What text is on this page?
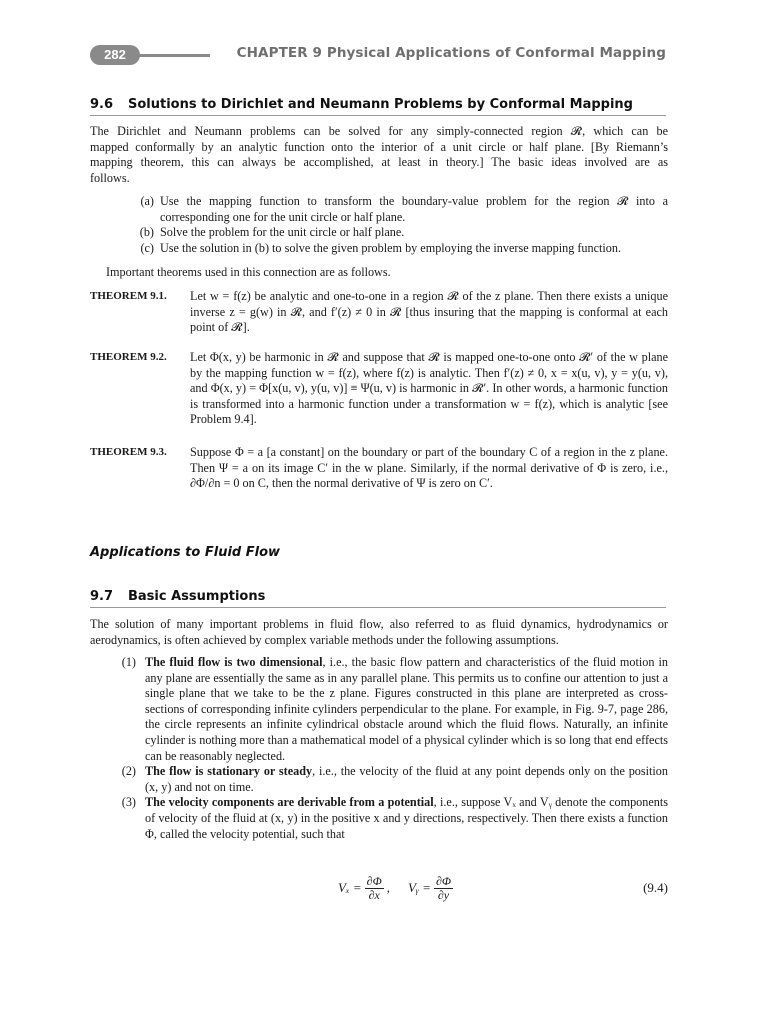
282	CHAPTER 9 Physical Applications of Conformal Mapping
9.6 Solutions to Dirichlet and Neumann Problems by Conformal Mapping
The Dirichlet and Neumann problems can be solved for any simply-connected region 𝓡, which can be
mapped conformally by an analytic function onto the interior of a unit circle or half plane. [By Riemann’s
mapping theorem, this can always be accomplished, at least in theory.] The basic ideas involved are as
follows.
(a) Use the mapping function to transform the boundary-value problem for the region 𝓡 into a corresponding one for the unit circle or half plane.
(b) Solve the problem for the unit circle or half plane.
(c) Use the solution in (b) to solve the given problem by employing the inverse mapping function.
Important theorems used in this connection are as follows.
THEOREM 9.1.	Let w = f(z) be analytic and one-to-one in a region 𝓡 of the z plane. Then there exists a unique inverse z = g(w) in 𝓡, and f′(z) ≠ 0 in 𝓡 [thus insuring that the mapping is conformal at each point of 𝓡].
THEOREM 9.2.	Let Φ(x, y) be harmonic in 𝓡 and suppose that 𝓡 is mapped one-to-one onto 𝓡′ of the w plane by the mapping function w = f(z), where f(z) is analytic. Then f′(z) ≠ 0, x = x(u, v), y = y(u, v), and Φ(x, y) = Φ[x(u, v), y(u, v)] ≡ Ψ(u, v) is harmonic in 𝓡′. In other words, a harmonic function is transformed into a harmonic function under a transformation w = f(z), which is analytic [see Problem 9.4].
THEOREM 9.3.	Suppose Φ = a [a constant] on the boundary or part of the boundary C of a region in the z plane. Then Ψ = a on its image C′ in the w plane. Similarly, if the normal derivative of Φ is zero, i.e., ∂Φ/∂n = 0 on C, then the normal derivative of Ψ is zero on C′.
Applications to Fluid Flow
9.7 Basic Assumptions
The solution of many important problems in fluid flow, also referred to as fluid dynamics, hydrodynamics or aerodynamics, is often achieved by complex variable methods under the following assumptions.
(1) The fluid flow is two dimensional, i.e., the basic flow pattern and characteristics of the fluid motion in any plane are essentially the same as in any parallel plane. This permits us to confine our attention to just a single plane that we take to be the z plane. Figures constructed in this plane are interpreted as cross-sections of corresponding infinite cylinders perpendicular to the plane. For example, in Fig. 9-7, page 286, the circle represents an infinite cylindrical obstacle around which the fluid flows. Naturally, an infinite cylinder is nothing more than a mathematical model of a physical cylinder which is so long that end effects can be reasonably neglected.
(2) The flow is stationary or steady, i.e., the velocity of the fluid at any point depends only on the position (x, y) and not on time.
(3) The velocity components are derivable from a potential, i.e., suppose Vₓ and Vᵧ denote the components of velocity of the fluid at (x, y) in the positive x and y directions, respectively. Then there exists a function Φ, called the velocity potential, such that
$V_x = \frac{\partial\Phi}{\partial x}$ , Vᵧ = $\frac{\partial\Phi}{\partial y}$	(9.4)
